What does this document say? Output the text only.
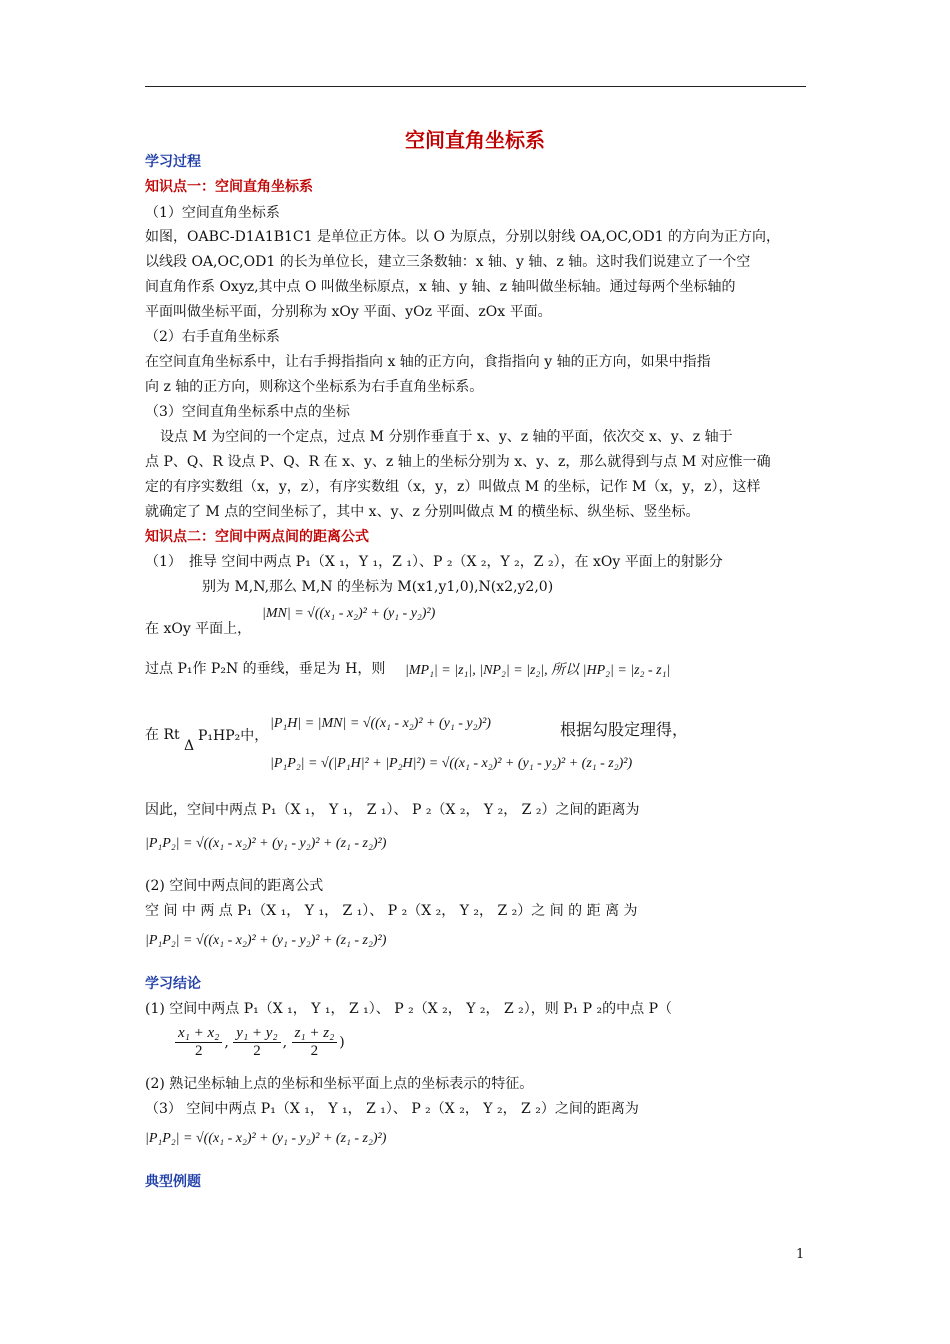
空间直角坐标系
学习过程
知识点一：空间直角坐标系
（1）空间直角坐标系
如图，OABC-D1A1B1C1 是单位正方体。以 O 为原点，分别以射线 OA,OC,OD1 的方向为正方向，
以线段 OA,OC,OD1 的长为单位长，建立三条数轴：x 轴、y 轴、z 轴。这时我们说建立了一个空
间直角作系 Oxyz,其中点 O 叫做坐标原点，x 轴、y 轴、z 轴叫做坐标轴。通过每两个坐标轴的
平面叫做坐标平面，分别称为 xOy 平面、yOz 平面、zOx 平面。
（2）右手直角坐标系
在空间直角坐标系中，让右手拇指指向 x 轴的正方向，食指指向 y 轴的正方向，如果中指指
向 z 轴的正方向，则称这个坐标系为右手直角坐标系。
（3）空间直角坐标系中点的坐标
设点 M 为空间的一个定点，过点 M 分别作垂直于 x、y、z 轴的平面，依次交 x、y、z 轴于
点 P、Q、R 设点 P、Q、R 在 x、y、z 轴上的坐标分别为 x、y、z，那么就得到与点 M 对应惟一确
定的有序实数组（x，y，z），有序实数组（x，y，z）叫做点 M 的坐标，记作 M（x，y，z），这样
就确定了 M 点的空间坐标了，其中 x、y、z 分别叫做点 M 的横坐标、纵坐标、竖坐标。
知识点二：空间中两点间的距离公式
（1）　推导 空间中两点 P₁（X ₁，Y ₁，Z ₁）、P ₂（X ₂，Y ₂，Z ₂），在 xOy 平面上的射影分
别为 M,N,那么 M,N 的坐标为 M(x1,y1,0),N(x2,y2,0)
在 xOy 平面上，
|MN| = √((x₁ - x₂)² + (y₁ - y₂)²)
过点 P₁作 P₂N 的垂线，垂足为 H，则 |MP₁| = |z₁|, |NP₂| = |z₂|, 所以 |HP₂| = |z₂ - z₁|
在 Rt
Δ
P₁HP₂中，
|P₁H| = |MN| = √((x₁ - x₂)² + (y₁ - y₂)²)	根据勾股定理得，
|P₁P₂| = √(|P₁H|² + |P₂H|²) = √((x₁ - x₂)² + (y₁ - y₂)² + (z₁ - z₂)²)
因此，空间中两点 P₁（X ₁， Y ₁， Z ₁）、 P ₂（X ₂， Y ₂， Z ₂）之间的距离为
|P₁P₂| = √((x₁ - x₂)² + (y₁ - y₂)² + (z₁ - z₂)²)
(2) 空间中两点间的距离公式
空 间 中 两 点 P₁（X ₁， Y ₁， Z ₁）、 P ₂（X ₂， Y ₂， Z ₂）之 间 的 距 离 为
|P₁P₂| = √((x₁ - x₂)² + (y₁ - y₂)² + (z₁ - z₂)²)
学习结论
(1) 空间中两点 P₁（X ₁， Y ₁， Z ₁）、 P ₂（X ₂， Y ₂， Z ₂），则 P₁ P ₂的中点 P（
$\frac{\text{x₁ + x₂}}{2}$ , $\frac{\text{y₁ + y₂}}{2}$ , $\frac{\text{z₁ + z₂}}{2}$ )
(2) 熟记坐标轴上点的坐标和坐标平面上点的坐标表示的特征。
（3） 空间中两点 P₁（X ₁， Y ₁， Z ₁）、 P ₂（X ₂， Y ₂， Z ₂）之间的距离为
|P₁P₂| = √((x₁ - x₂)² + (y₁ - y₂)² + (z₁ - z₂)²)
典型例题
1
